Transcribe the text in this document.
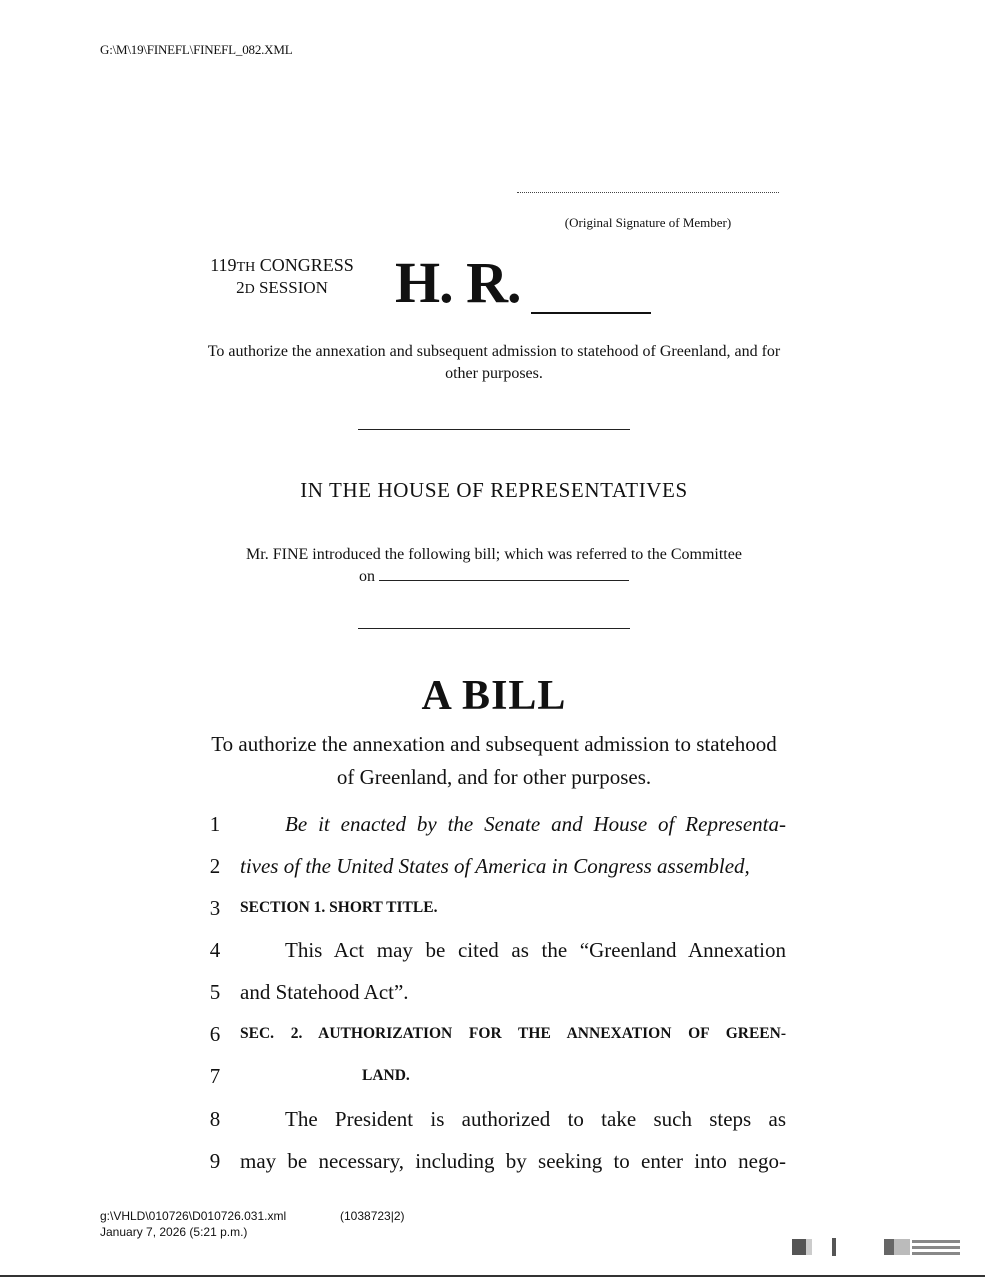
G:\M\19\FINEFL\FINEFL_082.XML
(Original Signature of Member)
119TH CONGRESS
2D SESSION	H. R.
To authorize the annexation and subsequent admission to statehood of Greenland, and for other purposes.
IN THE HOUSE OF REPRESENTATIVES
Mr. FINE introduced the following bill; which was referred to the Committee
on
A BILL
To authorize the annexation and subsequent admission to statehood of Greenland, and for other purposes.
1	Be it enacted by the Senate and House of Representa-
2 tives of the United States of America in Congress assembled,
3	SECTION 1. SHORT TITLE.
4	This Act may be cited as the “Greenland Annexation
5 and Statehood Act”.
6	SEC. 2. AUTHORIZATION FOR THE ANNEXATION OF GREEN-
7	LAND.
8	The President is authorized to take such steps as
9 may be necessary, including by seeking to enter into nego-
g:\VHLD\010726\D010726.031.xml	(1038723|2)
January 7, 2026 (5:21 p.m.)
